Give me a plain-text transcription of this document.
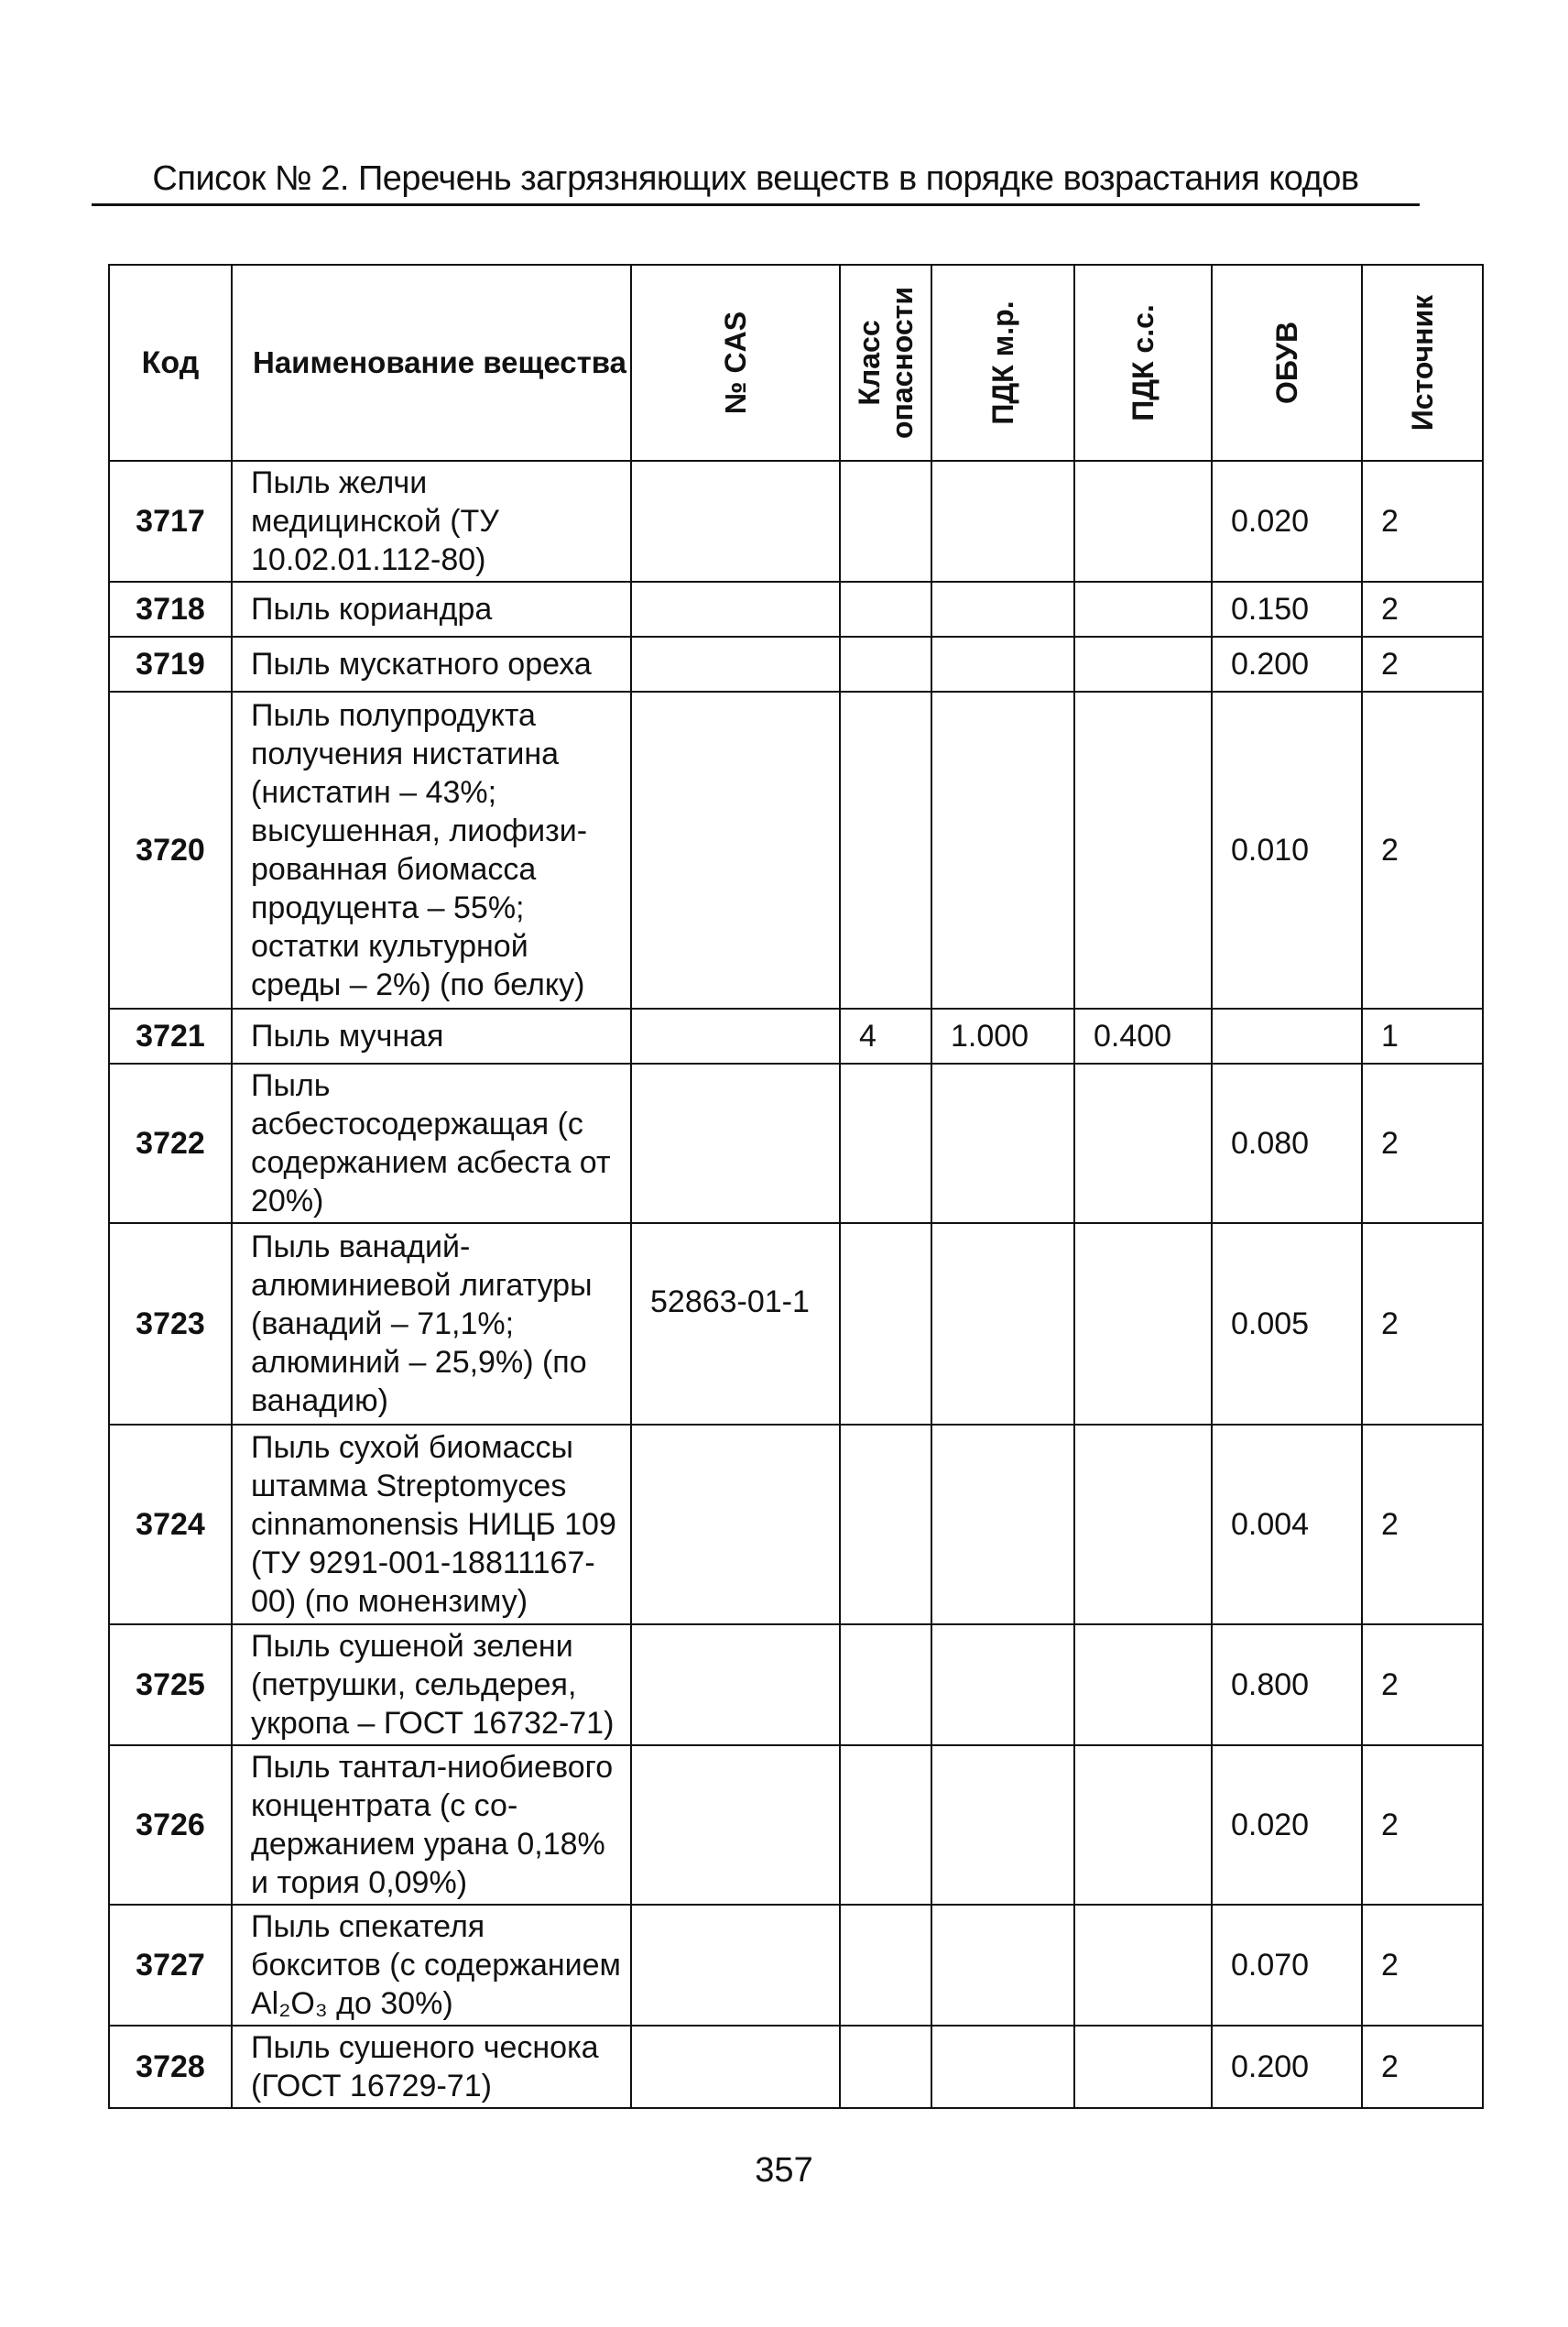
Список № 2. Перечень загрязняющих веществ в порядке возрастания кодов
Код	Наименование вещества	№ CAS	Класс опасности	ПДК м.р.	ПДК с.с.	ОБУВ	Источник

3717	Пыль желчи медицинской (ТУ 10.02.01.112-80)					0.020	2
3718	Пыль кориандра					0.150	2
3719	Пыль мускатного ореха					0.200	2
3720	Пыль полупродукта получения нистатина (нистатин – 43%; высушенная, лиофизи-рованная биомасса продуцента – 55%; остатки культурной среды – 2%) (по белку)					0.010	2
3721	Пыль мучная		4	1.000	0.400		1
3722	Пыль асбестосодержащая (с содержанием асбеста от 20%)					0.080	2
3723	Пыль ванадий-алюминиевой лигатуры (ванадий – 71,1%; алюминий – 25,9%) (по ванадию)	52863-01-1				0.005	2
3724	Пыль сухой биомассы штамма Streptomyces cinnamonensis НИЦБ 109 (ТУ 9291-001-18811167-00) (по монензиму)					0.004	2
3725	Пыль сушеной зелени (петрушки, сельдерея, укропа – ГОСТ 16732-71)					0.800	2
3726	Пыль тантал-ниобиевого концентрата (с со-держанием урана 0,18% и тория 0,09%)					0.020	2
3727	Пыль спекателя бокситов (с содержанием Al₂O₃ до 30%)					0.070	2
3728	Пыль сушеного чеснока (ГОСТ 16729-71)					0.200	2
357
